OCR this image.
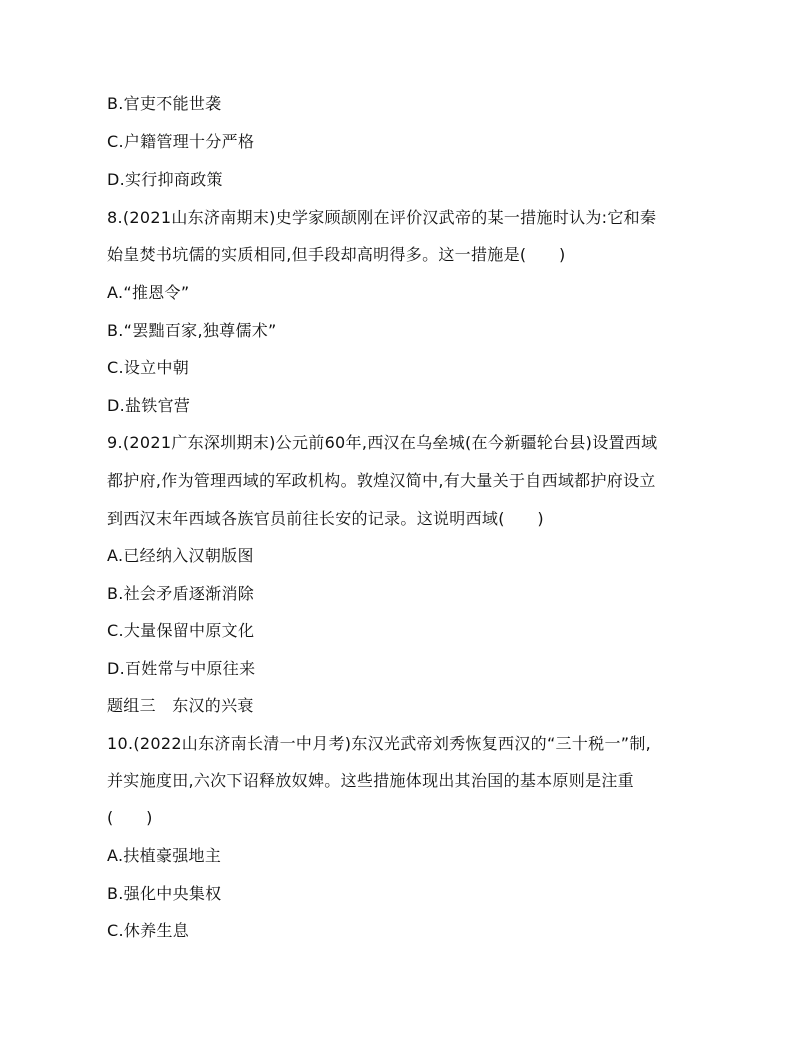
B.官吏不能世袭
C.户籍管理十分严格
D.实行抑商政策
8.(2021山东济南期末)史学家顾颉刚在评价汉武帝的某一措施时认为:它和秦
始皇焚书坑儒的实质相同,但手段却高明得多。这一措施是(　　)
A.“推恩令”
B.“罢黜百家,独尊儒术”
C.设立中朝
D.盐铁官营
9.(2021广东深圳期末)公元前60年,西汉在乌垒城(在今新疆轮台县)设置西域
都护府,作为管理西域的军政机构。敦煌汉简中,有大量关于自西域都护府设立
到西汉末年西域各族官员前往长安的记录。这说明西域(　　)
A.已经纳入汉朝版图
B.社会矛盾逐渐消除
C.大量保留中原文化
D.百姓常与中原往来
题组三　东汉的兴衰
10.(2022山东济南长清一中月考)东汉光武帝刘秀恢复西汉的“三十税一”制,
并实施度田,六次下诏释放奴婢。这些措施体现出其治国的基本原则是注重
(　　)
A.扶植豪强地主
B.强化中央集权
C.休养生息
